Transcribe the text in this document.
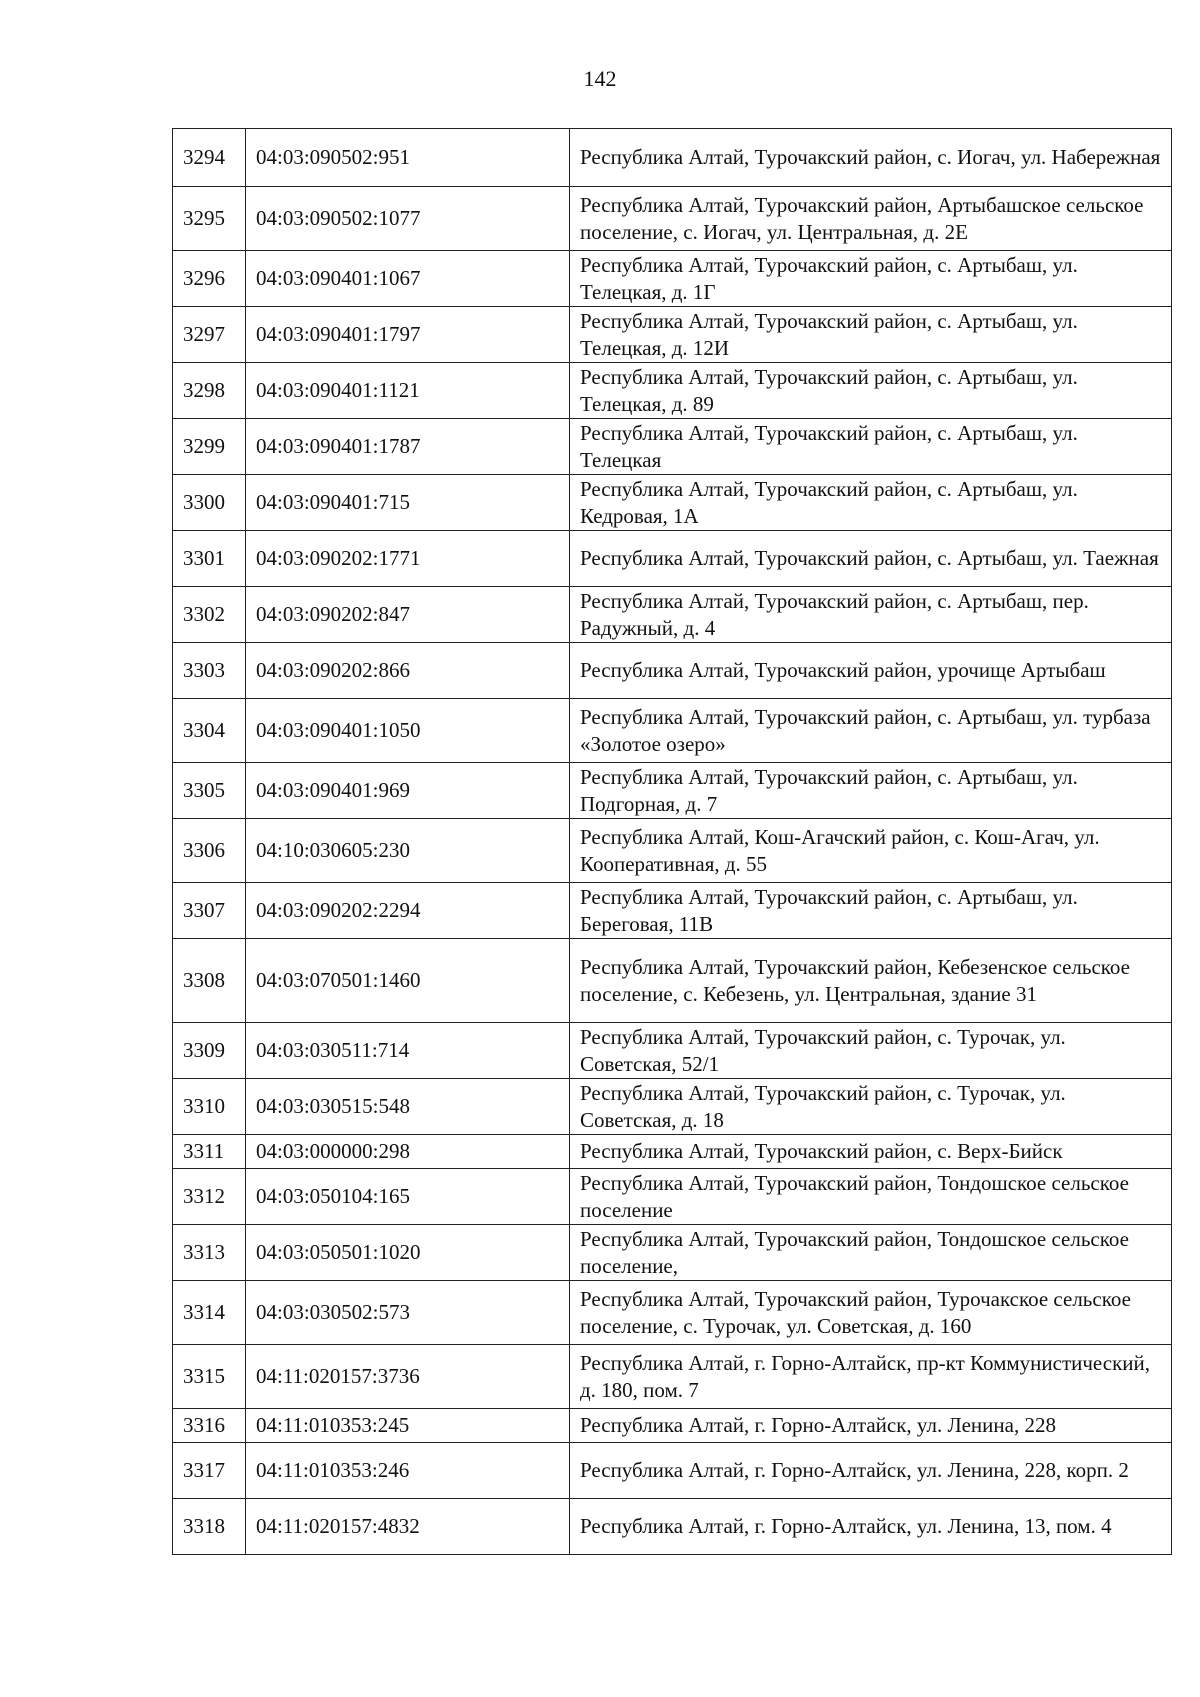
142
3294	04:03:090502:951	Республика Алтай, Турочакский район, с. Иогач, ул. Набережная
3295	04:03:090502:1077	Республика Алтай, Турочакский район, Артыбашское сельское поселение, с. Иогач, ул. Центральная, д. 2Е
3296	04:03:090401:1067	Республика Алтай, Турочакский район, с. Артыбаш, ул. Телецкая, д. 1Г
3297	04:03:090401:1797	Республика Алтай, Турочакский район, с. Артыбаш, ул. Телецкая, д. 12И
3298	04:03:090401:1121	Республика Алтай, Турочакский район, с. Артыбаш, ул. Телецкая, д. 89
3299	04:03:090401:1787	Республика Алтай, Турочакский район, с. Артыбаш, ул. Телецкая
3300	04:03:090401:715	Республика Алтай, Турочакский район, с. Артыбаш, ул. Кедровая, 1А
3301	04:03:090202:1771	Республика Алтай, Турочакский район, с. Артыбаш, ул. Таежная
3302	04:03:090202:847	Республика Алтай, Турочакский район, с. Артыбаш, пер. Радужный, д. 4
3303	04:03:090202:866	Республика Алтай, Турочакский район, урочище Артыбаш
3304	04:03:090401:1050	Республика Алтай, Турочакский район, с. Артыбаш, ул. турбаза «Золотое озеро»
3305	04:03:090401:969	Республика Алтай, Турочакский район, с. Артыбаш, ул. Подгорная, д. 7
3306	04:10:030605:230	Республика Алтай, Кош-Агачский район, с. Кош-Агач, ул. Кооперативная, д. 55
3307	04:03:090202:2294	Республика Алтай, Турочакский район, с. Артыбаш, ул. Береговая, 11В
3308	04:03:070501:1460	Республика Алтай, Турочакский район, Кебезенское сельское поселение, с. Кебезень, ул. Центральная, здание 31
3309	04:03:030511:714	Республика Алтай, Турочакский район, с. Турочак, ул. Советская, 52/1
3310	04:03:030515:548	Республика Алтай, Турочакский район, с. Турочак, ул. Советская, д. 18
3311	04:03:000000:298	Республика Алтай, Турочакский район, с. Верх-Бийск
3312	04:03:050104:165	Республика Алтай, Турочакский район, Тондошское сельское поселение
3313	04:03:050501:1020	Республика Алтай, Турочакский район, Тондошское сельское поселение,
3314	04:03:030502:573	Республика Алтай, Турочакский район, Турочакское сельское поселение, с. Турочак, ул. Советская, д. 160
3315	04:11:020157:3736	Республика Алтай, г. Горно-Алтайск, пр-кт Коммунистический, д. 180, пом. 7
3316	04:11:010353:245	Республика Алтай, г. Горно-Алтайск, ул. Ленина, 228
3317	04:11:010353:246	Республика Алтай, г. Горно-Алтайск, ул. Ленина, 228, корп. 2
3318	04:11:020157:4832	Республика Алтай, г. Горно-Алтайск, ул. Ленина, 13, пом. 4
